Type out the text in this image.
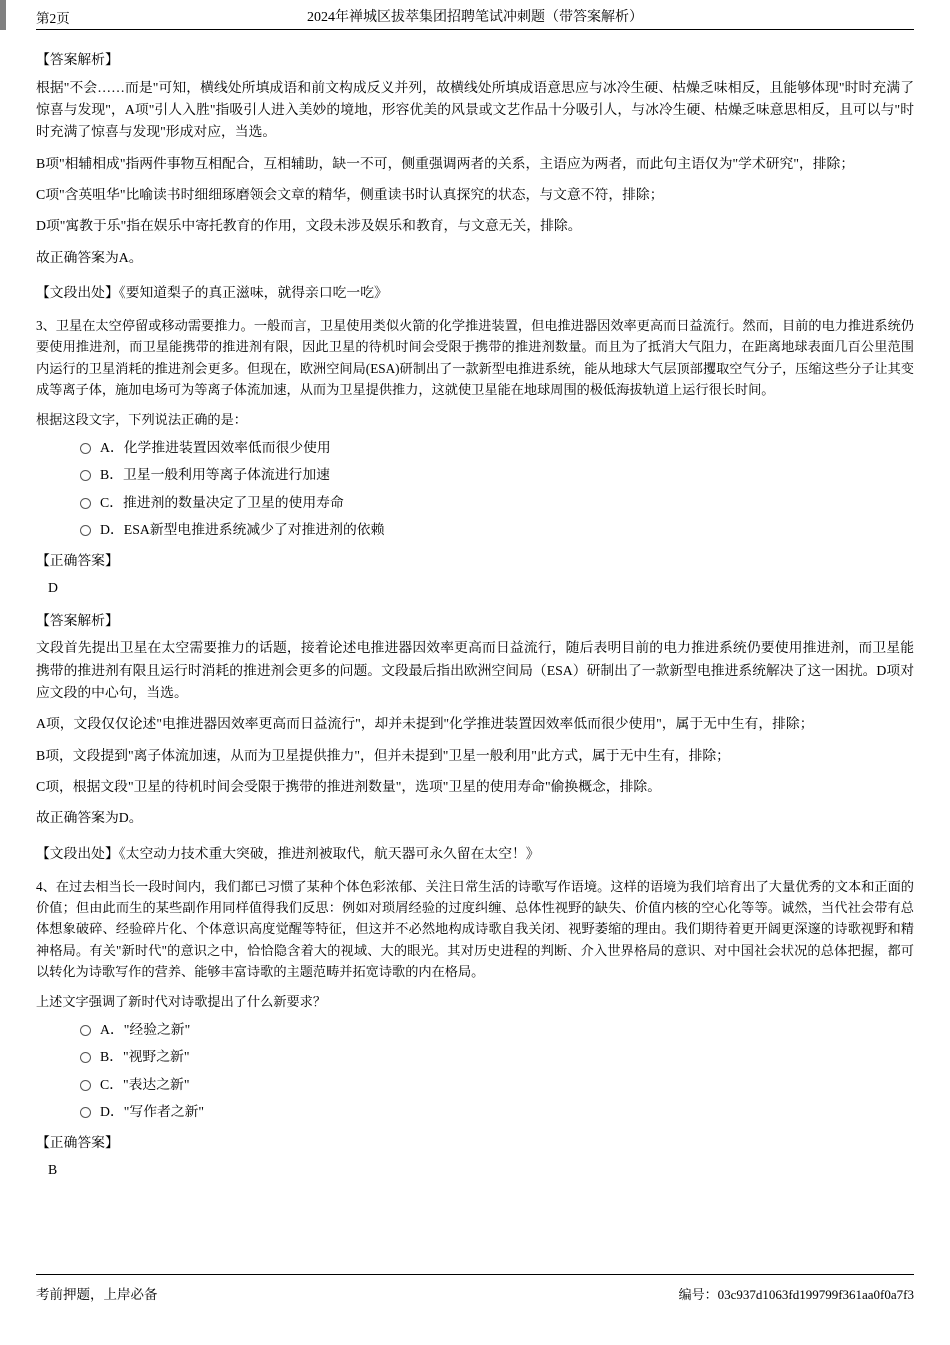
第2页	2024年禅城区拔萃集团招聘笔试冲刺题（带答案解析）
【答案解析】

根据"不会……而是"可知，横线处所填成语和前文构成反义并列，故横线处所填成语意思应与冰冷生硬、枯燥乏味相反，且能够体现"时时充满了惊喜与发现"，A项"引人入胜"指吸引人进入美妙的境地，形容优美的风景或文艺作品十分吸引人，与冰冷生硬、枯燥乏味意思相反，且可以与"时时充满了惊喜与发现"形成对应，当选。

B项"相辅相成"指两件事物互相配合，互相辅助，缺一不可，侧重强调两者的关系，主语应为两者，而此句主语仅为"学术研究"，排除；

C项"含英咀华"比喻读书时细细琢磨领会文章的精华，侧重读书时认真探究的状态，与文意不符，排除；

D项"寓教于乐"指在娱乐中寄托教育的作用，文段未涉及娱乐和教育，与文意无关，排除。

故正确答案为A。

【文段出处】《要知道梨子的真正滋味，就得亲口吃一吃》

3、卫星在太空停留或移动需要推力。一般而言，卫星使用类似火箭的化学推进装置，但电推进器因效率更高而日益流行。然而，目前的电力推进系统仍要使用推进剂，而卫星能携带的推进剂有限，因此卫星的待机时间会受限于携带的推进剂数量。而且为了抵消大气阻力，在距离地球表面几百公里范围内运行的卫星消耗的推进剂会更多。但现在，欧洲空间局(ESA)研制出了一款新型电推进系统，能从地球大气层顶部攫取空气分子，压缩这些分子让其变成等离子体，施加电场可为等离子体流加速，从而为卫星提供推力，这就使卫星能在地球周围的极低海拔轨道上运行很长时间。

根据这段文字，下列说法正确的是：

A．化学推进装置因效率低而很少使用
B．卫星一般利用等离子体流进行加速
C．推进剂的数量决定了卫星的使用寿命
D．ESA新型电推进系统减少了对推进剂的依赖
【正确答案】
D
【答案解析】

文段首先提出卫星在太空需要推力的话题，接着论述电推进器因效率更高而日益流行，随后表明目前的电力推进系统仍要使用推进剂，而卫星能携带的推进剂有限且运行时消耗的推进剂会更多的问题。文段最后指出欧洲空间局（ESA）研制出了一款新型电推进系统解决了这一困扰。D项对应文段的中心句，当选。

A项，文段仅仅论述"电推进器因效率更高而日益流行"，却并未提到"化学推进装置因效率低而很少使用"，属于无中生有，排除；

B项，文段提到"离子体流加速，从而为卫星提供推力"，但并未提到"卫星一般利用"此方式，属于无中生有，排除；

C项，根据文段"卫星的待机时间会受限于携带的推进剂数量"，选项"卫星的使用寿命"偷换概念，排除。

故正确答案为D。

【文段出处】《太空动力技术重大突破，推进剂被取代，航天器可永久留在太空！》

4、在过去相当长一段时间内，我们都已习惯了某种个体色彩浓郁、关注日常生活的诗歌写作语境。这样的语境为我们培育出了大量优秀的文本和正面的价值；但由此而生的某些副作用同样值得我们反思：例如对琐屑经验的过度纠缠、总体性视野的缺失、价值内核的空心化等等。诚然，当代社会带有总体想象破碎、经验碎片化、个体意识高度觉醒等特征，但这并不必然地构成诗歌自我关闭、视野萎缩的理由。我们期待着更开阔更深邃的诗歌视野和精神格局。有关"新时代"的意识之中，恰恰隐含着大的视域、大的眼光。其对历史进程的判断、介入世界格局的意识、对中国社会状况的总体把握，都可以转化为诗歌写作的营养、能够丰富诗歌的主题范畴并拓宽诗歌的内在格局。

上述文字强调了新时代对诗歌提出了什么新要求？

A．"经验之新"
B．"视野之新"
C．"表达之新"
D．"写作者之新"
【正确答案】
B
考前押题，上岸必备	编号：03c937d1063fd199799f361aa0f0a7f3
